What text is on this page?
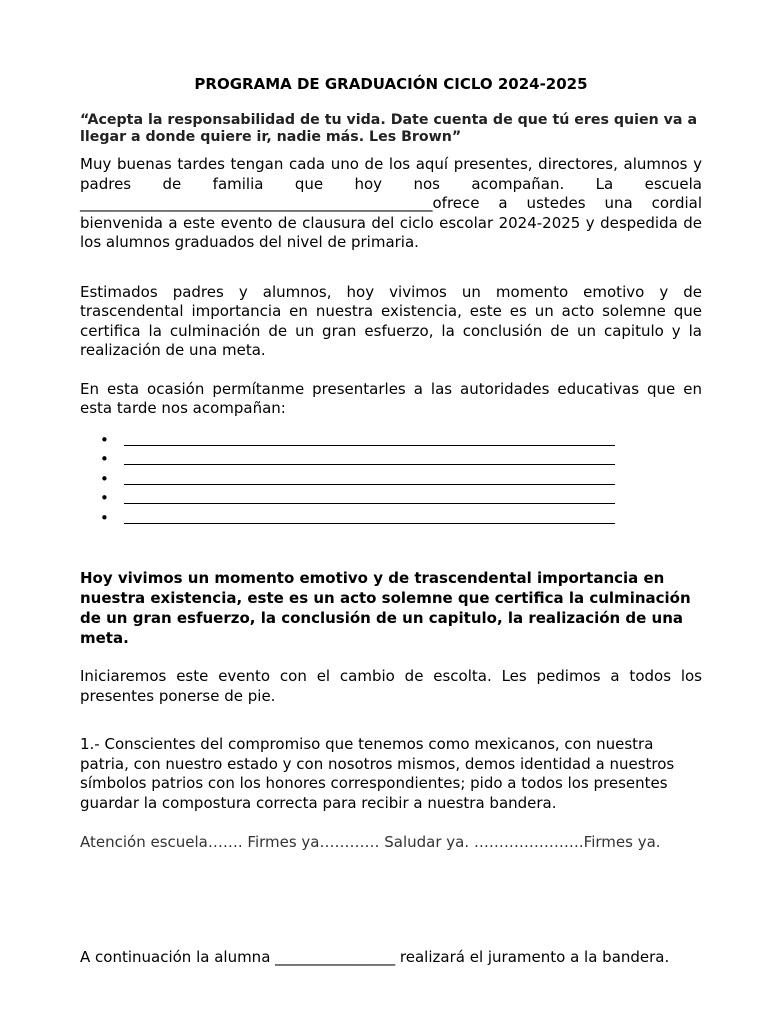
PROGRAMA DE GRADUACIÓN CICLO 2024-2025

“Acepta la responsabilidad de tu vida. Date cuenta de que tú eres quien va a llegar a donde quiere ir, nadie más. Les Brown”

Muy buenas tardes tengan cada uno de los aquí presentes, directores, alumnos y padres de familia que hoy nos acompañan. La escuela _______________________________________________ofrece a ustedes una cordial bienvenida a este evento de clausura del ciclo escolar 2024-2025 y despedida de los alumnos graduados del nivel de primaria.

Estimados padres y alumnos, hoy vivimos un momento emotivo y de trascendental importancia en nuestra existencia, este es un acto solemne que certifica la culminación de un gran esfuerzo, la conclusión de un capitulo y la realización de una meta.

En esta ocasión permítanme presentarles a las autoridades educativas que en esta tarde nos acompañan:

•
•
•
•
•

Hoy vivimos un momento emotivo y de trascendental importancia en nuestra existencia, este es un acto solemne que certifica la culminación de un gran esfuerzo, la conclusión de un capitulo, la realización de una meta.

Iniciaremos este evento con el cambio de escolta. Les pedimos a todos los presentes ponerse de pie.

1.- Conscientes del compromiso que tenemos como mexicanos, con nuestra patria, con nuestro estado y con nosotros mismos, demos identidad a nuestros símbolos patrios con los honores correspondientes; pido a todos los presentes guardar la compostura correcta para recibir a nuestra bandera.

Atención escuela……. Firmes ya………… Saludar ya. ………………….Firmes ya.

A continuación la alumna ________________ realizará el juramento a la bandera.
